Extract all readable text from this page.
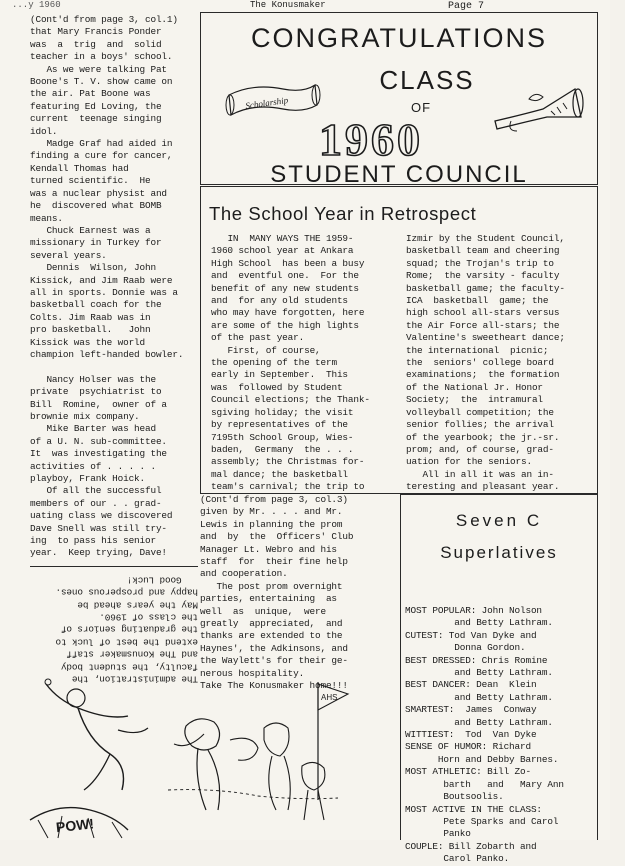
...y 1960	The Konusmaker	Page 7
(Cont'd from page 3, col.1)
that Mary Francis Ponder
was  a  trig  and  solid
teacher in a boys' school.
As we were talking Pat
Boone's T. V. show came on
the air. Pat Boone was
featuring Ed Loving, the
current  teenage singing
idol.
Madge Graf had aided in
finding a cure for cancer,
Kendall Thomas had
turned scientific.  He
was a nuclear physist and
he  discovered what BOMB
means.
Chuck Earnest was a
missionary in Turkey for
several years.
Dennis  Wilson, John
Kissick, and Jim Raab were
all in sports. Donnie was a
basketball coach for the
Colts. Jim Raab was in
pro basketball.   John
Kissick was the world
champion left-handed bowler.

Nancy Holser was the
private  psychiatrist to
Bill  Romine,  owner of a
brownie mix company.
Mike Barter was head
of a U. N. sub-committee.
It  was investigating the
activities of . . . . .
playboy, Frank Hoick.
Of all the successful
members of our . . grad-
uating class we discovered
Dave Snell was still try-
ing  to pass his senior
year.  Keep trying, Dave!
The administration, the
faculty, the student body
and The Konusmaker staff
extend the best of luck to
the graduating seniors of
the class of 1960.
May the years ahead be
happy and prosperous ones.
Good Luck!
CONGRATULATIONS
CLASS
OF
1960
STUDENT COUNCIL
Scholarship
The School Year in Retrospect
IN  MANY WAYS THE 1959-
1960 school year at Ankara
High School  has been a busy
and  eventful one.  For the
benefit of any new students
and  for any old students
who may have forgotten, here
are some of the high lights
of the past year.
First, of course,
the opening of the term
early in September.  This
was  followed by Student
Council elections; the Thank-
sgiving holiday; the visit
by representatives of the
7195th School Group, Wies-
baden,  Germany  the . . .
assembly; the Christmas for-
mal dance; the basketball
team's carnival; the trip to
Izmir by the Student Council,
basketball team and cheering
squad; the Trojan's trip to
Rome;  the varsity - faculty
basketball game; the faculty-
ICA  basketball  game; the
high school all-stars versus
the Air Force all-stars; the
Valentine's sweetheart dance;
the international  picnic;
the  seniors' college board
examinations;  the formation
of the National Jr. Honor
Society;  the  intramural
volleyball competition; the
senior follies; the arrival
of the yearbook; the jr.-sr.
prom; and, of course, grad-
uation for the seniors.
All in all it was an in-
teresting and pleasant year.
(Cont'd from page 3, col.3)
given by Mr. . . . and Mr.
Lewis in planning the prom
and  by  the  Officers' Club
Manager Lt. Webro and his
staff  for  their fine help
and cooperation.
The post prom overnight
parties, entertaining  as
well  as  unique,  were
greatly  appreciated,  and
thanks are extended to the
Haynes', the Adkinsons, and
the Waylett's for their ge-
nerous hospitality.
Take The Konusmaker home!!!
Seven C
Superlatives
MOST POPULAR: John Nolson
and Betty Lathram.
CUTEST: Tod Van Dyke and
Donna Gordon.
BEST DRESSED: Chris Romine
and Betty Lathram.
BEST DANCER: Dean  Klein
and Betty Lathram.
SMARTEST:  James  Conway
and Betty Lathram.
WITTIEST:  Tod  Van Dyke
SENSE OF HUMOR: Richard
Horn and Debby Barnes.
MOST ATHLETIC: Bill Zo-
barth   and   Mary Ann
Boutsoolis.
MOST ACTIVE IN THE CLASS:
Pete Sparks and Carol
Panko
COUPLE: Bill Zobarth and
Carol Panko.
POW!
AHS
